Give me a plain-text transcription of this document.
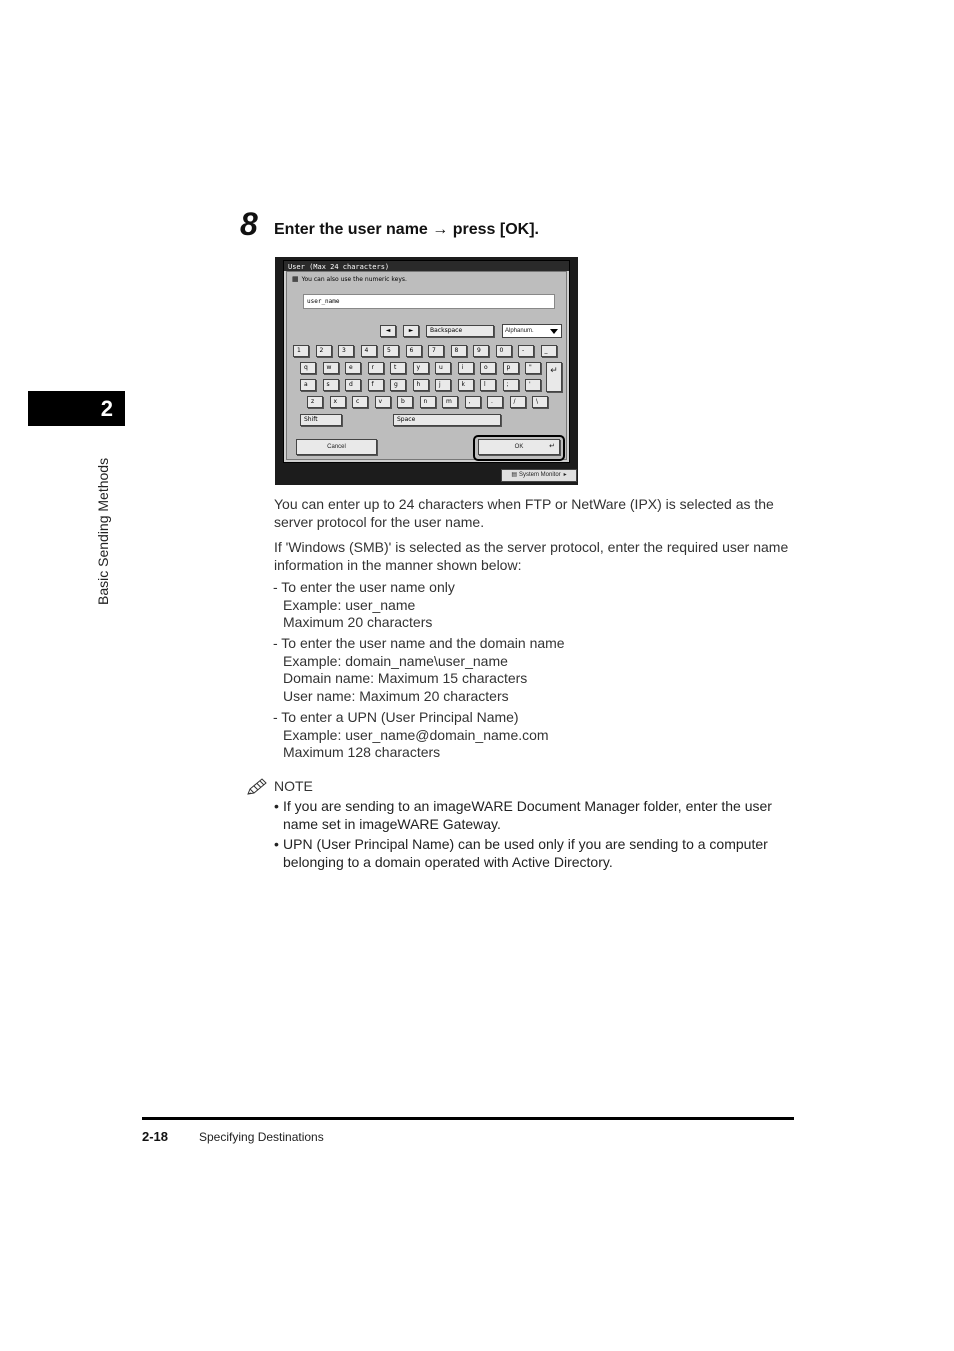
2
Basic Sending Methods
8 Enter the user name → press [OK].
User (Max 24 characters)
▦ You can also use the numeric keys.
user_name
◄	►	Backspace	Alphanum.
↵
Shift	Space
Cancel	OK	↵
1	2	3	4	5	6	7	8	9	0	-	_
q	w	e	r	t	y	u	i	o	p	"
a	s	d	f	g	h	j	k	l	;	'
z	x	c	v	b	n	m	,	.	/	\
▤ System Monitor ▸
You can enter up to 24 characters when FTP or NetWare (IPX) is selected as the server protocol for the user name.
If 'Windows (SMB)' is selected as the server protocol, enter the required user name information in the manner shown below:
- To enter the user name only
Example: user_name
Maximum 20 characters
- To enter the user name and the domain name
Example: domain_name\user_name
Domain name: Maximum 15 characters
User name: Maximum 20 characters
- To enter a UPN (User Principal Name)
Example: user_name@domain_name.com
Maximum 128 characters
NOTE
• If you are sending to an imageWARE Document Manager folder, enter the user name set in imageWARE Gateway.
• UPN (User Principal Name) can be used only if you are sending to a computer belonging to a domain operated with Active Directory.
2-18	Specifying Destinations
